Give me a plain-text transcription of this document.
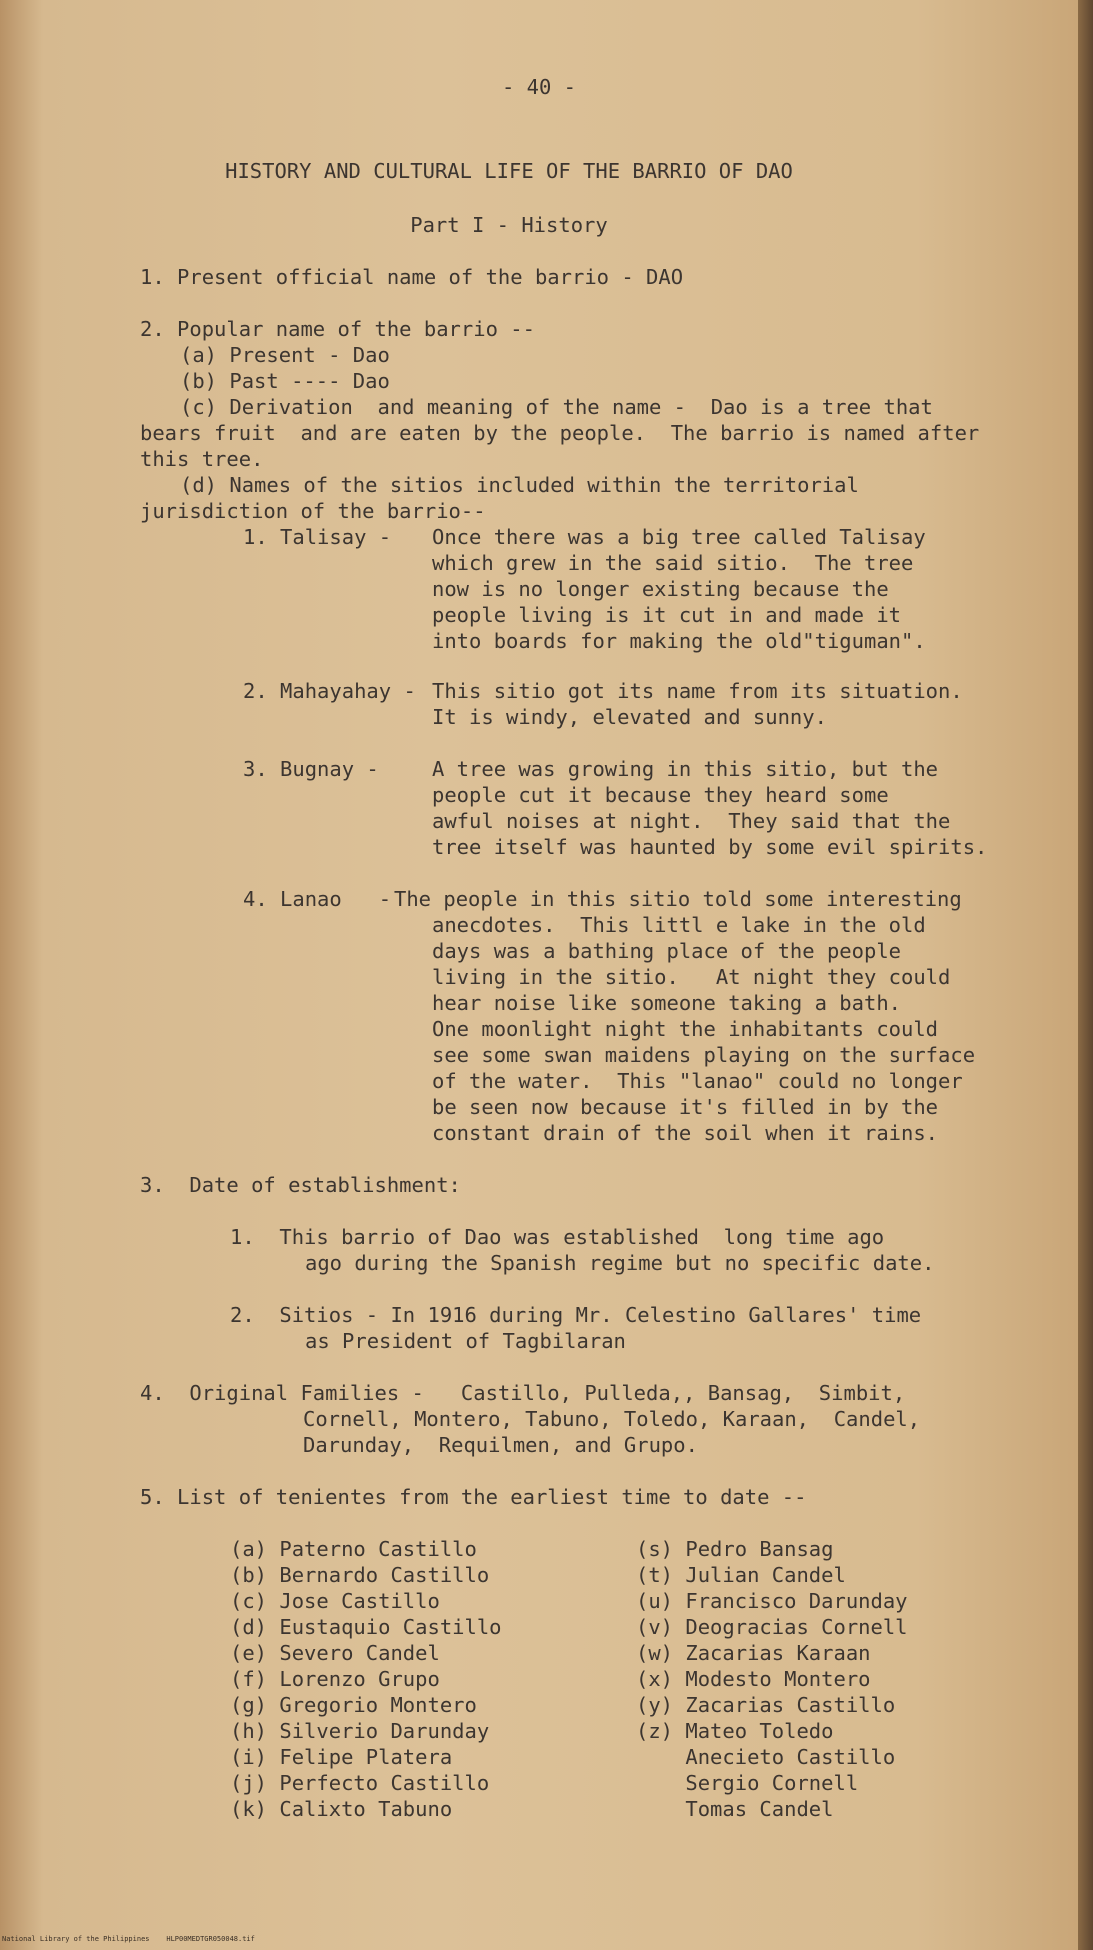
- 40 -
HISTORY AND CULTURAL LIFE OF THE BARRIO OF DAO
Part I - History
1. Present official name of the barrio - DAO
2. Popular name of the barrio --
(a) Present - Dao
(b) Past ---- Dao
(c) Derivation  and meaning of the name -  Dao is a tree that
bears fruit  and are eaten by the people.  The barrio is named after
this tree.
(d) Names of the sitios included within the territorial
jurisdiction of the barrio--
1. Talisay - Once there was a big tree called Talisay
which grew in the said sitio.  The tree
now is no longer existing because the
people living is it cut in and made it
into boards for making the old"tiguman".
2. Mahayahay - This sitio got its name from its situation.
It is windy, elevated and sunny.
3. Bugnay -	A tree was growing in this sitio, but the
people cut it because they heard some
awful noises at night.  They said that the
tree itself was haunted by some evil spirits.
4. Lanao   - The people in this sitio told some interesting
anecdotes.  This littl e lake in the old
days was a bathing place of the people
living in the sitio.   At night they could
hear noise like someone taking a bath.
One moonlight night the inhabitants could
see some swan maidens playing on the surface
of the water.  This "lanao" could no longer
be seen now because it's filled in by the
constant drain of the soil when it rains.
3.  Date of establishment:
1.  This barrio of Dao was established  long time ago
ago during the Spanish regime but no specific date.
2.  Sitios - In 1916 during Mr. Celestino Gallares' time
as President of Tagbilaran
4.  Original Families -   Castillo, Pulleda,, Bansag,  Simbit,
Cornell, Montero, Tabuno, Toledo, Karaan,  Candel,
Darunday,  Requilmen, and Grupo.
5. List of tenientes from the earliest time to date --
(a) Paterno Castillo
(b) Bernardo Castillo
(c) Jose Castillo
(d) Eustaquio Castillo
(e) Severo Candel
(f) Lorenzo Grupo
(g) Gregorio Montero
(h) Silverio Darunday
(i) Felipe Platera
(j) Perfecto Castillo
(k) Calixto Tabuno
(s) Pedro Bansag
(t) Julian Candel
(u) Francisco Darunday
(v) Deogracias Cornell
(w) Zacarias Karaan
(x) Modesto Montero
(y) Zacarias Castillo
(z) Mateo Toledo
Anecieto Castillo
Sergio Cornell
Tomas Candel
National Library of the Philippines    HLP00MEDTGR050048.tif
